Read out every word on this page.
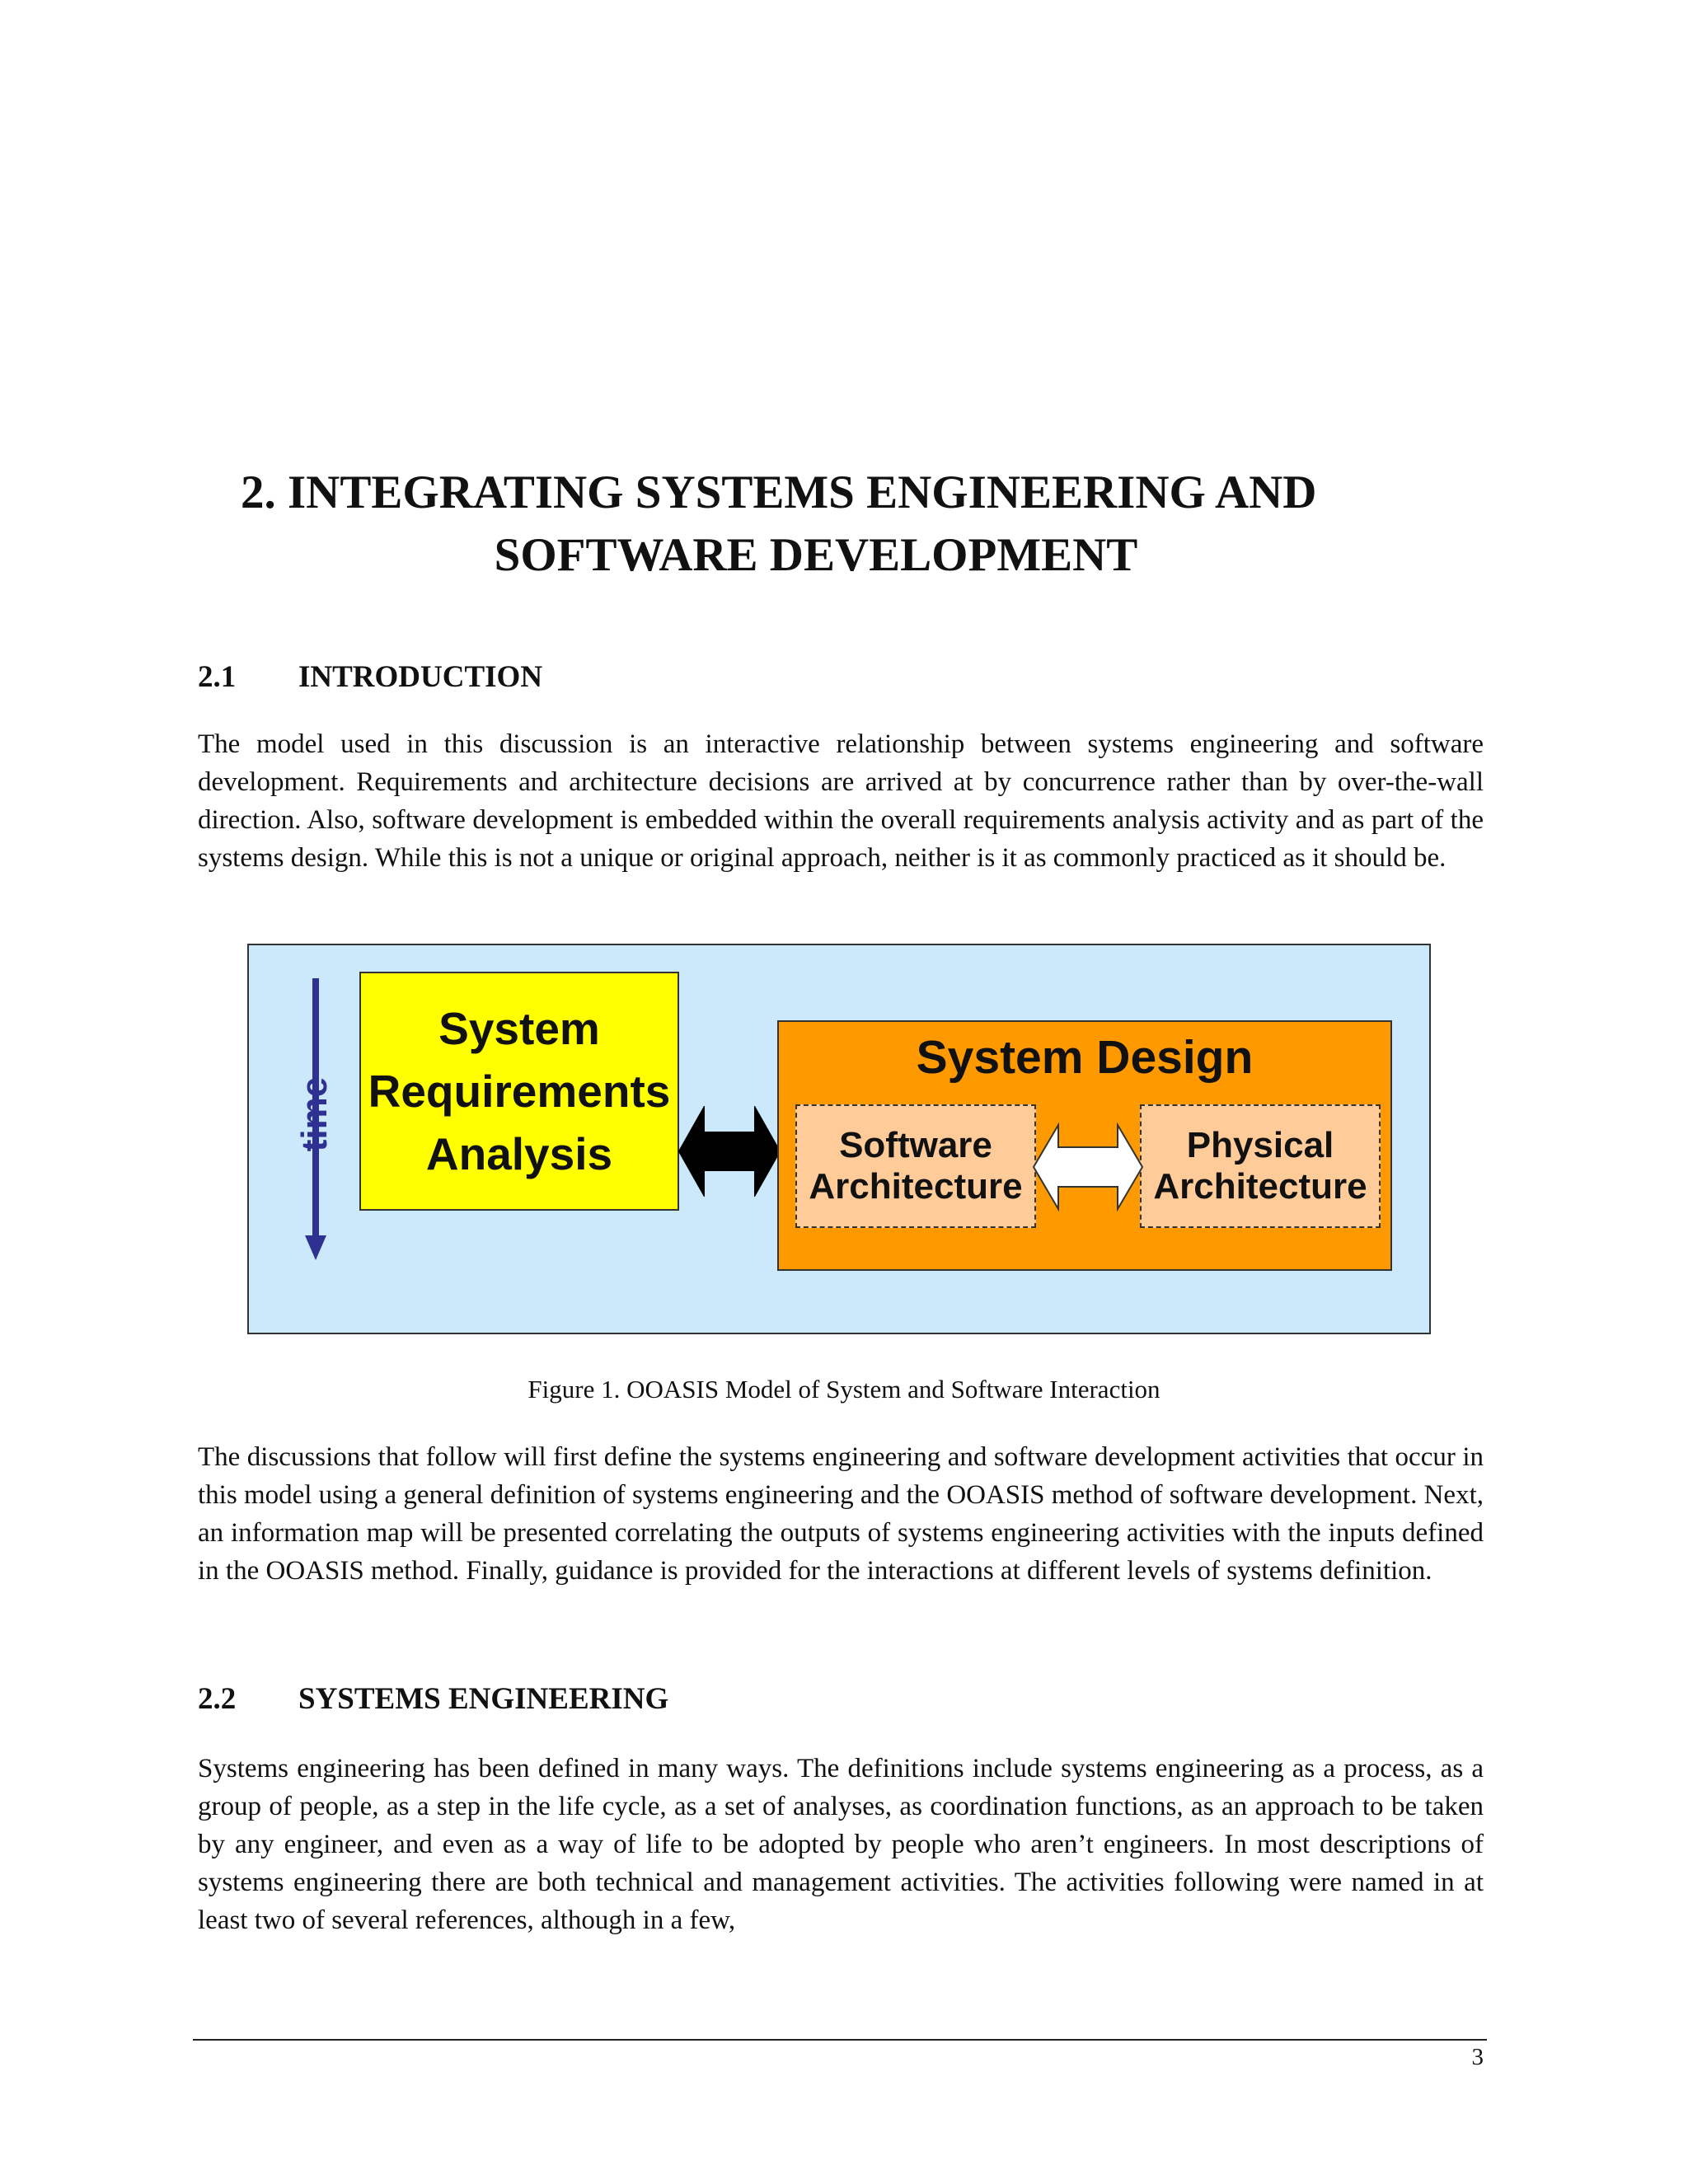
2. INTEGRATING SYSTEMS ENGINEERING AND
SOFTWARE DEVELOPMENT
2.1 INTRODUCTION
The model used in this discussion is an interactive relationship between systems engineering and software development. Requirements and architecture decisions are arrived at by concurrence rather than by over-the-wall direction. Also, software development is embedded within the overall requirements analysis activity and as part of the systems design. While this is not a unique or original approach, neither is it as commonly practiced as it should be.
time
System
Requirements
Analysis
System Design
Software
Architecture
Physical
Architecture
Figure 1. OOASIS Model of System and Software Interaction
The discussions that follow will first define the systems engineering and software development activities that occur in this model using a general definition of systems engineering and the OOASIS method of software development. Next, an information map will be presented correlating the outputs of systems engineering activities with the inputs defined in the OOASIS method. Finally, guidance is provided for the interactions at different levels of systems definition.
2.2 SYSTEMS ENGINEERING
Systems engineering has been defined in many ways. The definitions include systems engineering as a process, as a group of people, as a step in the life cycle, as a set of analyses, as coordination functions, as an approach to be taken by any engineer, and even as a way of life to be adopted by people who aren’t engineers. In most descriptions of systems engineering there are both technical and management activities. The activities following were named in at least two of several references, although in a few,
3
